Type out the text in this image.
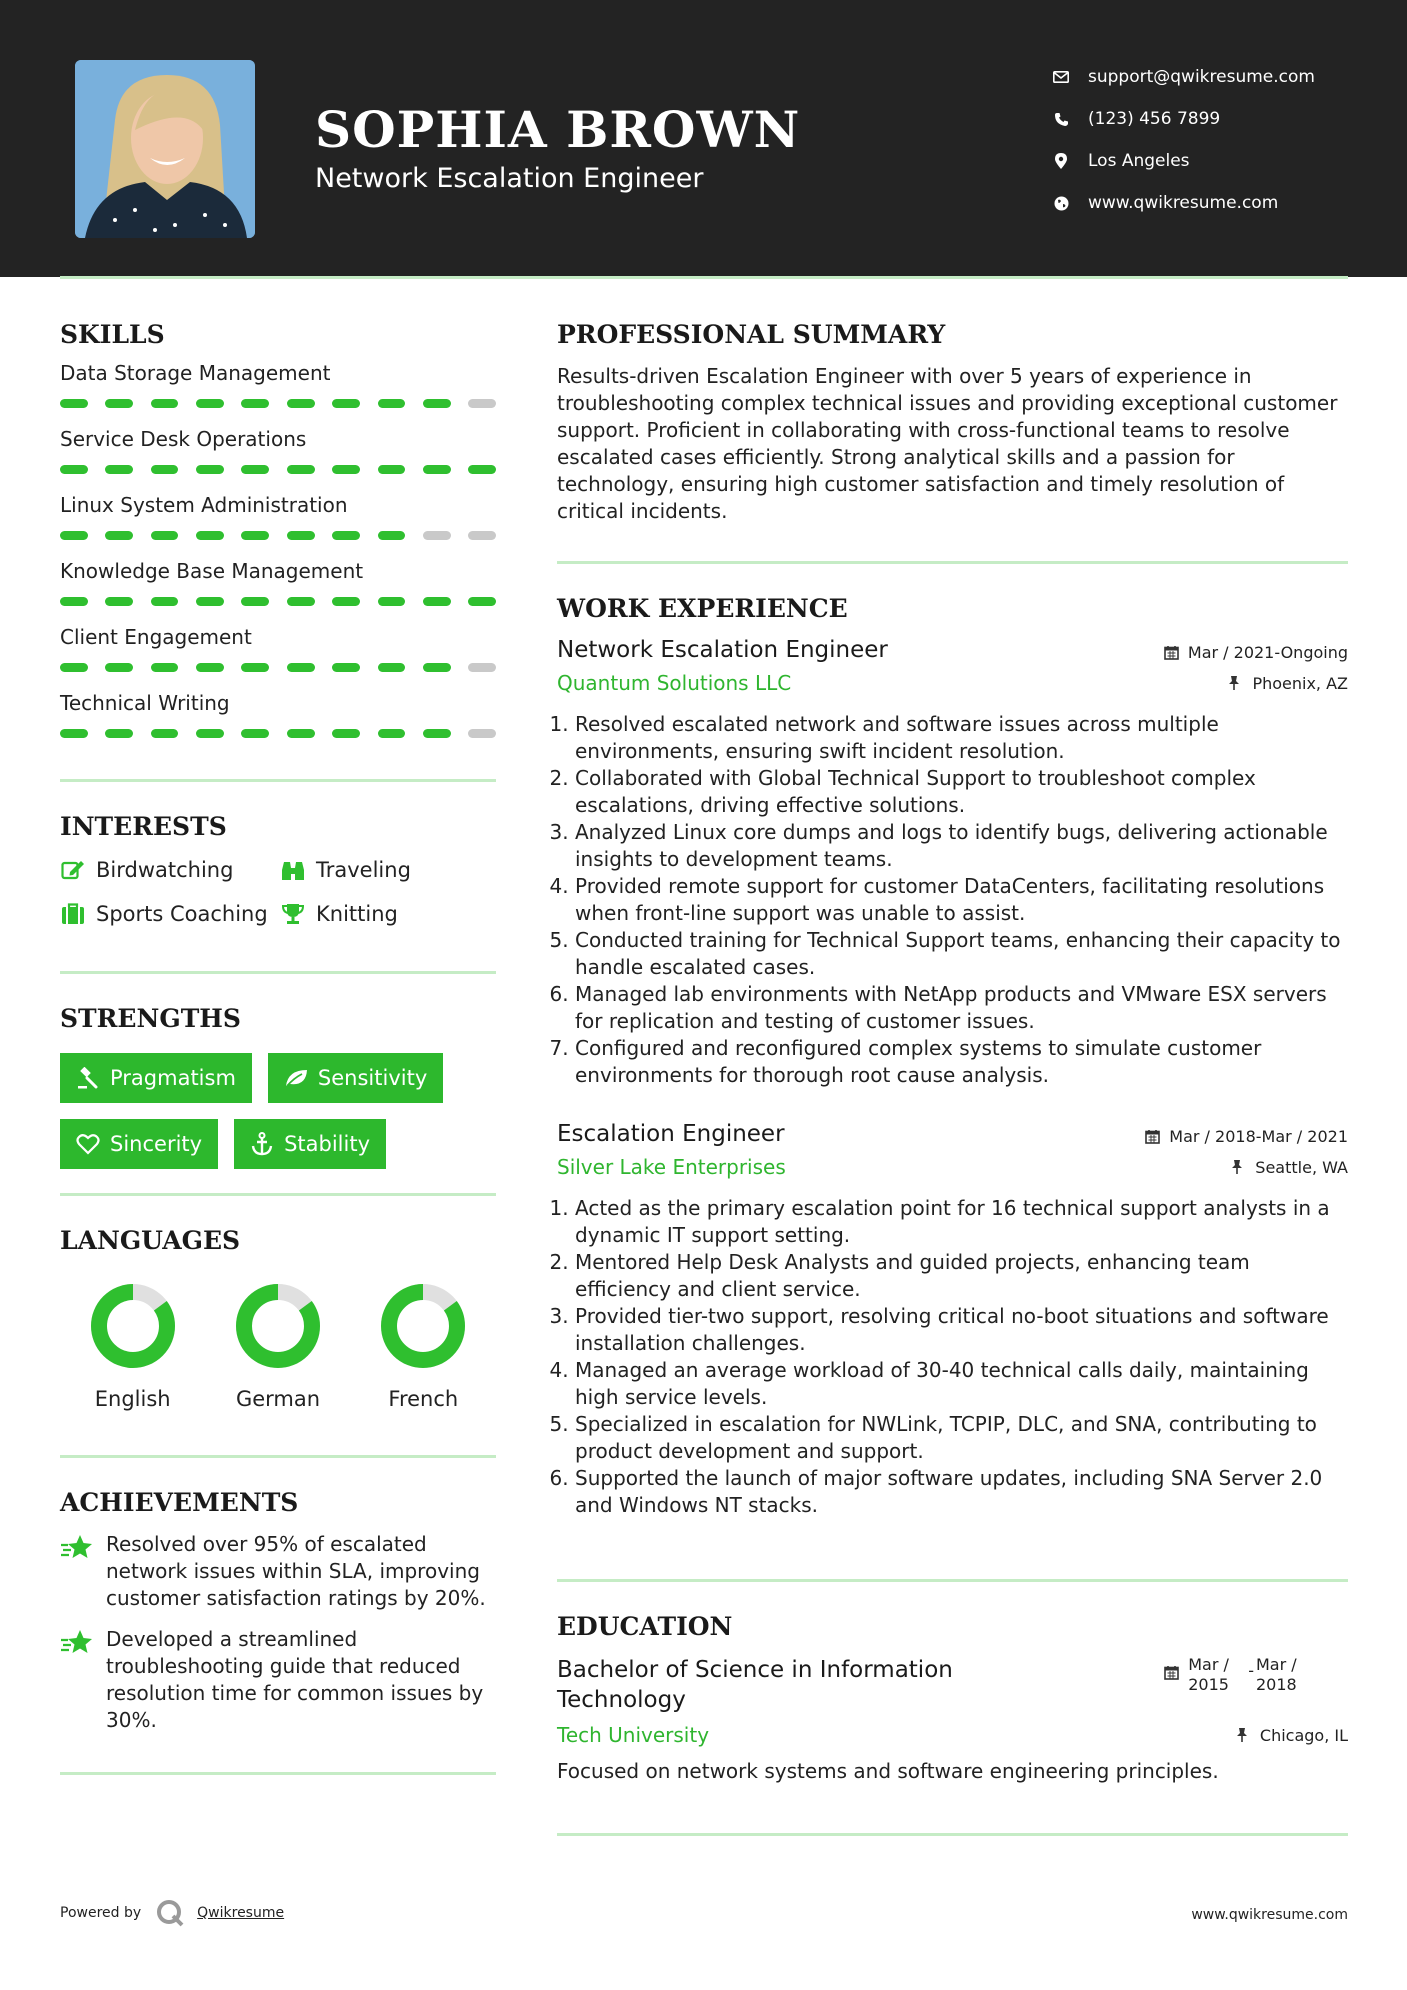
SOPHIA BROWN
Network Escalation Engineer
support@qwikresume.com
(123) 456 7899
Los Angeles
www.qwikresume.com
SKILLS
Data Storage Management
Service Desk Operations
Linux System Administration
Knowledge Base Management
Client Engagement
Technical Writing
INTERESTS
Birdwatching	Traveling
Sports Coaching Knitting
STRENGTHS
Pragmatism	Sensitivity
Sincerity	Stability
LANGUAGES
English	German	French
ACHIEVEMENTS
Resolved over 95% of escalated network issues within SLA, improving customer satisfaction ratings by 20%.
Developed a streamlined troubleshooting guide that reduced resolution time for common issues by 30%.
PROFESSIONAL SUMMARY
Results-driven Escalation Engineer with over 5 years of experience in troubleshooting complex technical issues and providing exceptional customer support. Proficient in collaborating with cross-functional teams to resolve escalated cases efficiently. Strong analytical skills and a passion for technology, ensuring high customer satisfaction and timely resolution of critical incidents.
WORK EXPERIENCE
Network Escalation Engineer	Mar / 2021-Ongoing
Quantum Solutions LLC	Phoenix, AZ
1. Resolved escalated network and software issues across multiple environments, ensuring swift incident resolution.
2. Collaborated with Global Technical Support to troubleshoot complex escalations, driving effective solutions.
3. Analyzed Linux core dumps and logs to identify bugs, delivering actionable insights to development teams.
4. Provided remote support for customer DataCenters, facilitating resolutions when front-line support was unable to assist.
5. Conducted training for Technical Support teams, enhancing their capacity to handle escalated cases.
6. Managed lab environments with NetApp products and VMware ESX servers for replication and testing of customer issues.
7. Configured and reconfigured complex systems to simulate customer environments for thorough root cause analysis.
Escalation Engineer	Mar / 2018-Mar / 2021
Silver Lake Enterprises	Seattle, WA
1. Acted as the primary escalation point for 16 technical support analysts in a dynamic IT support setting.
2. Mentored Help Desk Analysts and guided projects, enhancing team efficiency and client service.
3. Provided tier-two support, resolving critical no-boot situations and software installation challenges.
4. Managed an average workload of 30-40 technical calls daily, maintaining high service levels.
5. Specialized in escalation for NWLink, TCPIP, DLC, and SNA, contributing to product development and support.
6. Supported the launch of major software updates, including SNA Server 2.0 and Windows NT stacks.
EDUCATION
Bachelor of Science in Information Technology
Mar / 2015
- Mar / 2018
Tech University	Chicago, IL
Focused on network systems and software engineering principles.
Powered by	Qwikresume	www.qwikresume.com
